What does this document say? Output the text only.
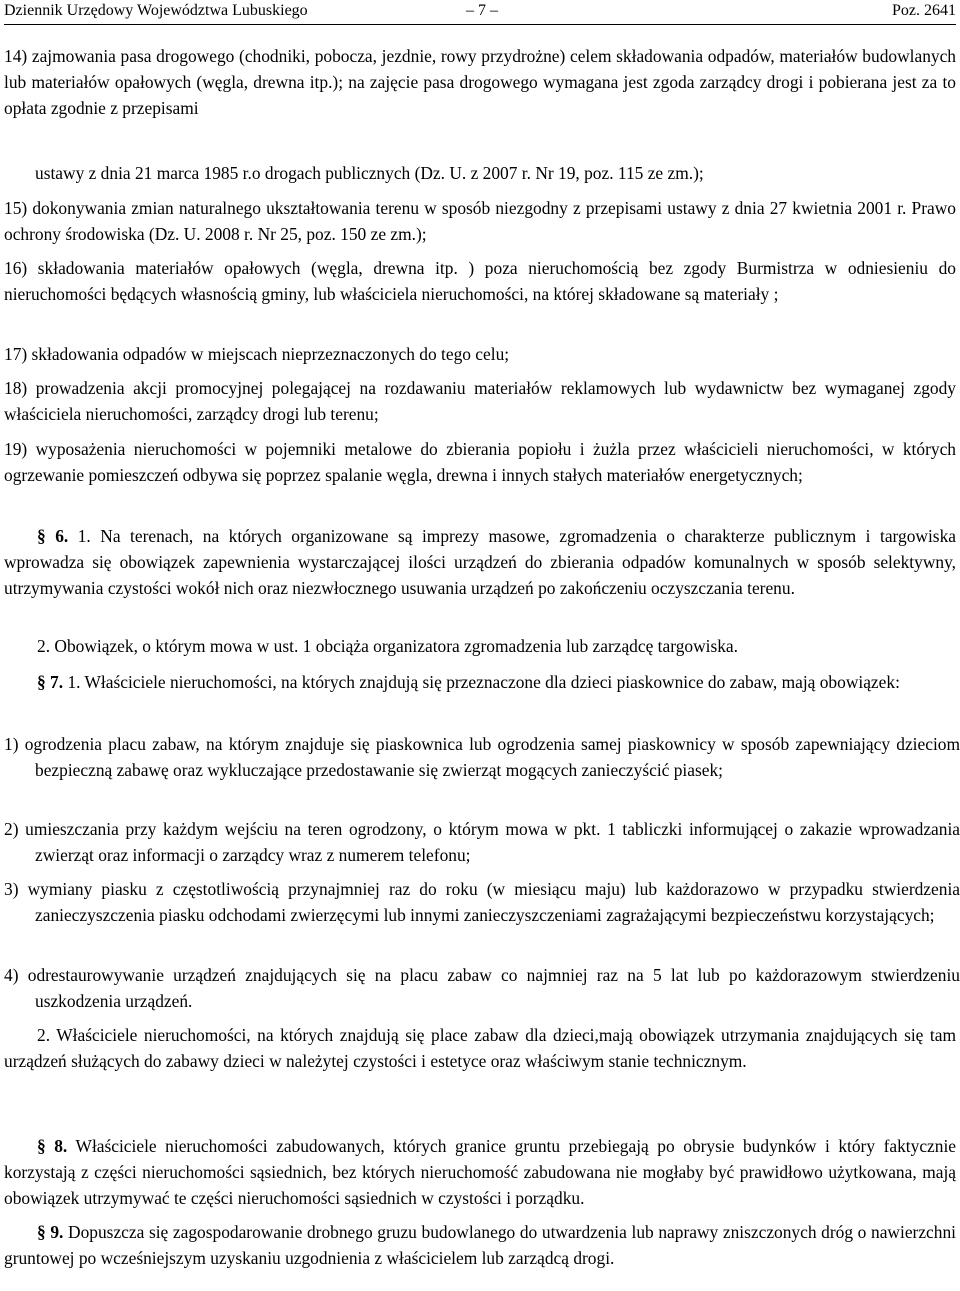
Dziennik Urzędowy Województwa Lubuskiego	– 7 –	Poz. 2641

14) zajmowania pasa drogowego (chodniki, pobocza, jezdnie, rowy przydrożne) celem składowania odpadów, materiałów budowlanych lub materiałów opałowych (węgla, drewna itp.); na zajęcie pasa drogowego wymagana jest zgoda zarządcy drogi i pobierana jest za to opłata zgodnie z przepisami

ustawy z dnia 21 marca 1985 r.o drogach publicznych (Dz. U. z 2007 r. Nr 19, poz. 115 ze zm.);

15) dokonywania zmian naturalnego ukształtowania terenu w sposób niezgodny z przepisami ustawy z dnia 27 kwietnia 2001 r. Prawo ochrony środowiska (Dz. U. 2008 r. Nr 25, poz. 150 ze zm.);

16) składowania materiałów opałowych (węgla, drewna itp. ) poza nieruchomością bez zgody Burmistrza w odniesieniu do nieruchomości będących własnością gminy, lub właściciela nieruchomości, na której składowane są materiały ;

17) składowania odpadów w miejscach nieprzeznaczonych do tego celu;

18) prowadzenia akcji promocyjnej polegającej na rozdawaniu materiałów reklamowych lub wydawnictw bez wymaganej zgody właściciela nieruchomości, zarządcy drogi lub terenu;

19) wyposażenia nieruchomości w pojemniki metalowe do zbierania popiołu i żużla przez właścicieli nieruchomości, w których ogrzewanie pomieszczeń odbywa się poprzez spalanie węgla, drewna i innych stałych materiałów energetycznych;

§ 6. 1. Na terenach, na których organizowane są imprezy masowe, zgromadzenia o charakterze publicznym i targowiska wprowadza się obowiązek zapewnienia wystarczającej ilości urządzeń do zbierania odpadów komunalnych w sposób selektywny, utrzymywania czystości wokół nich oraz niezwłocznego usuwania urządzeń po zakończeniu oczyszczania terenu.

2. Obowiązek, o którym mowa w ust. 1 obciąża organizatora zgromadzenia lub zarządcę targowiska.

§ 7. 1. Właściciele nieruchomości, na których znajdują się przeznaczone dla dzieci piaskownice do zabaw, mają obowiązek:

1) ogrodzenia placu zabaw, na którym znajduje się piaskownica lub ogrodzenia samej piaskownicy w sposób zapewniający dzieciom bezpieczną zabawę oraz wykluczające przedostawanie się zwierząt mogących zanieczyścić piasek;

2) umieszczania przy każdym wejściu na teren ogrodzony, o którym mowa w pkt. 1 tabliczki informującej o zakazie wprowadzania zwierząt oraz informacji o zarządcy wraz z numerem telefonu;

3) wymiany piasku z częstotliwością przynajmniej raz do roku (w miesiącu maju) lub każdorazowo w przypadku stwierdzenia zanieczyszczenia piasku odchodami zwierzęcymi lub innymi zanieczyszczeniami zagrażającymi bezpieczeństwu korzystających;

4) odrestaurowywanie urządzeń znajdujących się na placu zabaw co najmniej raz na 5 lat lub po każdorazowym stwierdzeniu uszkodzenia urządzeń.

2. Właściciele nieruchomości, na których znajdują się place zabaw dla dzieci,mają obowiązek utrzymania znajdujących się tam urządzeń służących do zabawy dzieci w należytej czystości i estetyce oraz właściwym stanie technicznym.

§ 8. Właściciele nieruchomości zabudowanych, których granice gruntu przebiegają po obrysie budynków i który faktycznie korzystają z części nieruchomości sąsiednich, bez których nieruchomość zabudowana nie mogłaby być prawidłowo użytkowana, mają obowiązek utrzymywać te części nieruchomości sąsiednich w czystości i porządku.

§ 9. Dopuszcza się zagospodarowanie drobnego gruzu budowlanego do utwardzenia lub naprawy zniszczonych dróg o nawierzchni gruntowej po wcześniejszym uzyskaniu uzgodnienia z właścicielem lub zarządcą drogi.
